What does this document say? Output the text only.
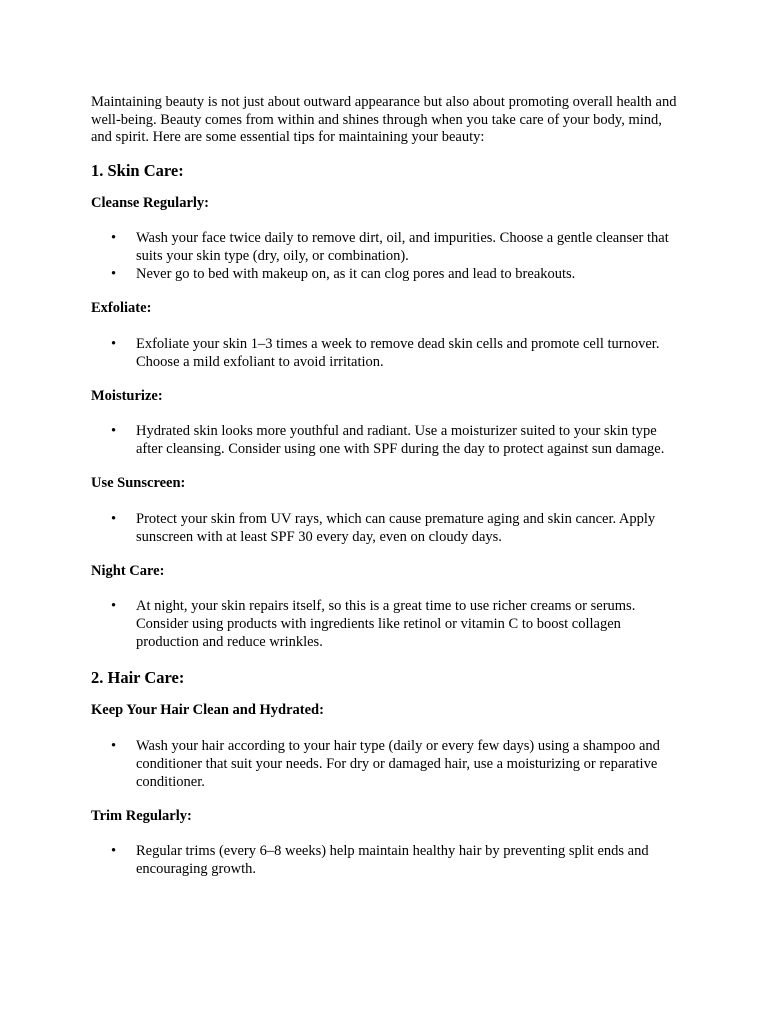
Maintaining beauty is not just about outward appearance but also about promoting overall health and well-being. Beauty comes from within and shines through when you take care of your body, mind, and spirit. Here are some essential tips for maintaining your beauty:

1. Skin Care:
Cleanse Regularly:
• Wash your face twice daily to remove dirt, oil, and impurities. Choose a gentle cleanser that suits your skin type (dry, oily, or combination).
• Never go to bed with makeup on, as it can clog pores and lead to breakouts.
Exfoliate:
• Exfoliate your skin 1–3 times a week to remove dead skin cells and promote cell turnover. Choose a mild exfoliant to avoid irritation.
Moisturize:
• Hydrated skin looks more youthful and radiant. Use a moisturizer suited to your skin type after cleansing. Consider using one with SPF during the day to protect against sun damage.
Use Sunscreen:
• Protect your skin from UV rays, which can cause premature aging and skin cancer. Apply sunscreen with at least SPF 30 every day, even on cloudy days.
Night Care:
• At night, your skin repairs itself, so this is a great time to use richer creams or serums. Consider using products with ingredients like retinol or vitamin C to boost collagen production and reduce wrinkles.
2. Hair Care:
Keep Your Hair Clean and Hydrated:
• Wash your hair according to your hair type (daily or every few days) using a shampoo and conditioner that suit your needs. For dry or damaged hair, use a moisturizing or reparative conditioner.
Trim Regularly:
• Regular trims (every 6–8 weeks) help maintain healthy hair by preventing split ends and encouraging growth.
